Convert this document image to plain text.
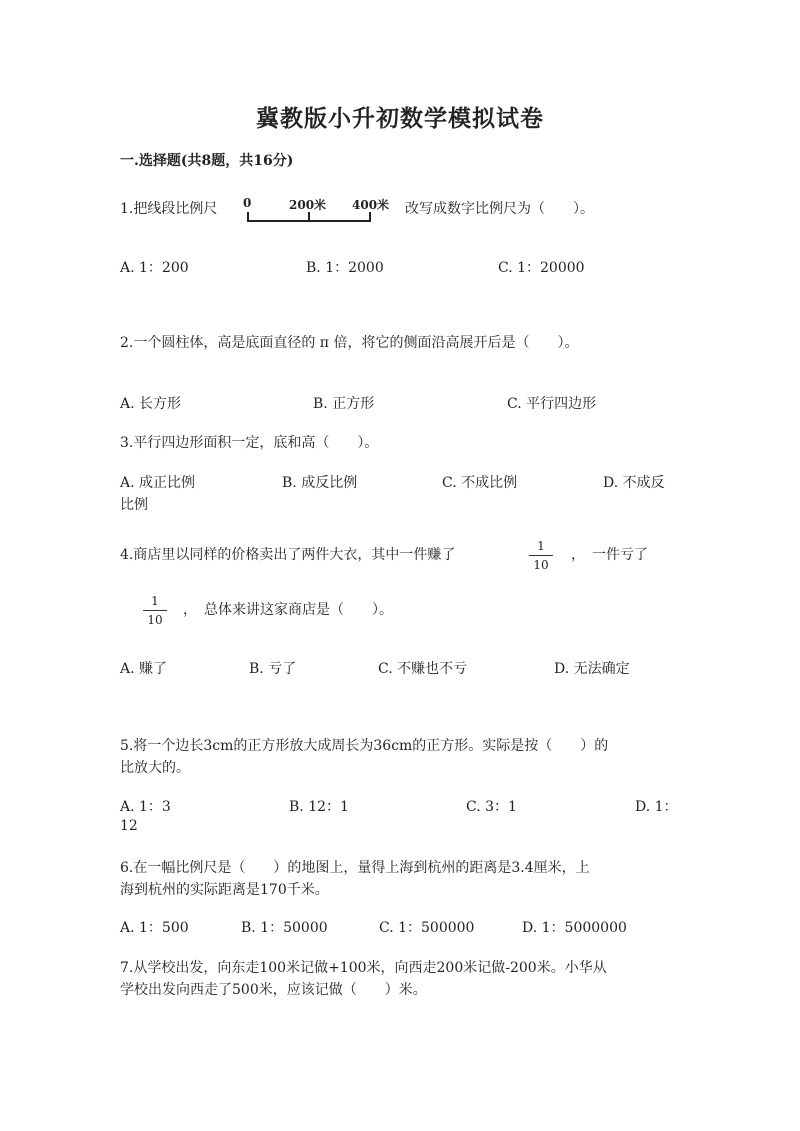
冀教版小升初数学模拟试卷
一.选择题(共8题，共16分)
1.把线段比例尺 0	200米 400米 改写成数字比例尺为（　　）。
A. 1：200	B. 1：2000	C. 1：20000
2.一个圆柱体，高是底面直径的 π 倍，将它的侧面沿高展开后是（　　）。
A. 长方形	B. 正方形	C. 平行四边形
3.平行四边形面积一定，底和高（　　）。
A. 成正比例	B. 成反比例	C. 不成比例	D. 不成反
比例
4.商店里以同样的价格卖出了两件大衣，其中一件赚了
1
10
，　一件亏了
1
10
，　总体来讲这家商店是（　　）。
A. 赚了	B. 亏了	C. 不赚也不亏	D. 无法确定
5.将一个边长3cm的正方形放大成周长为36cm的正方形。实际是按（　　）的
比放大的。
A. 1：3	B. 12：1	C. 3：1	D. 1：
12
6.在一幅比例尺是（　　）的地图上，量得上海到杭州的距离是3.4厘米，上
海到杭州的实际距离是170千米。
A. 1：500	B. 1：50000	C. 1：500000	D. 1：5000000
7.从学校出发，向东走100米记做+100米，向西走200米记做-200米。小华从
学校出发向西走了500米，应该记做（　　）米。
